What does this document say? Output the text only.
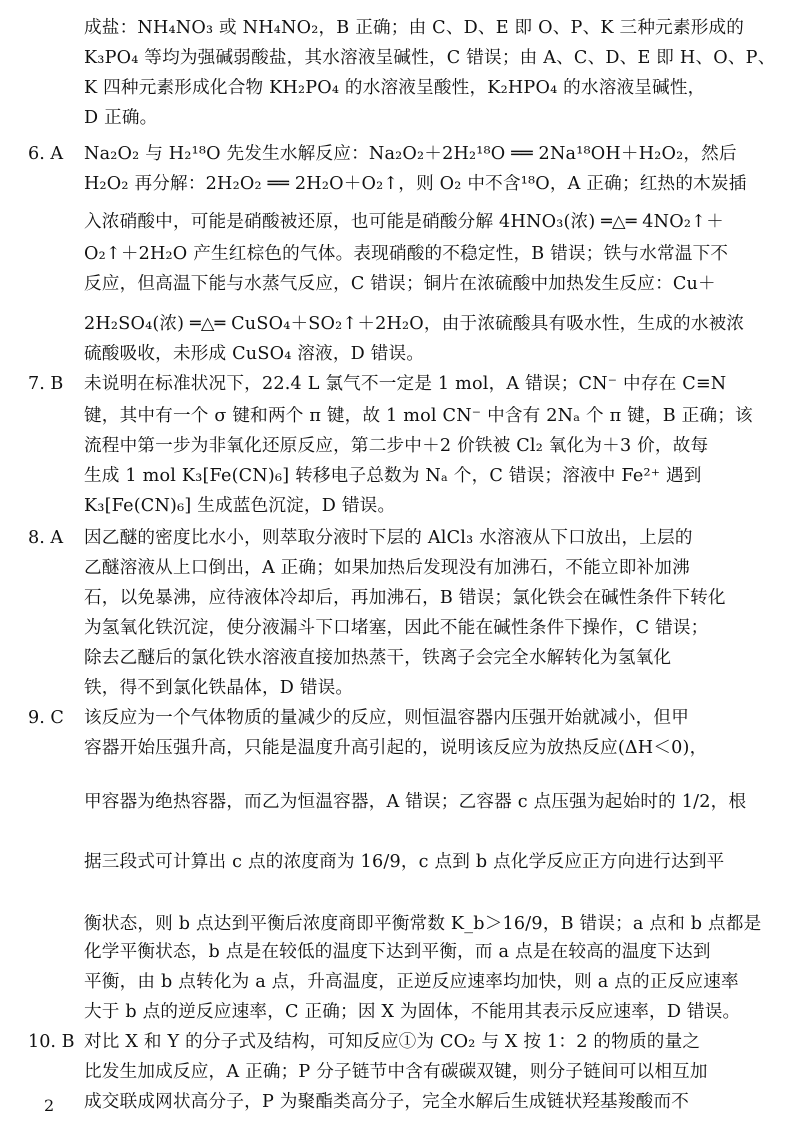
成盐：NH₄NO₃ 或 NH₄NO₂，B 正确；由 C、D、E 即 O、P、K 三种元素形成的
K₃PO₄ 等均为强碱弱酸盐，其水溶液呈碱性，C 错误；由 A、C、D、E 即 H、O、P、
K 四种元素形成化合物 KH₂PO₄ 的水溶液呈酸性，K₂HPO₄ 的水溶液呈碱性，
D 正确。
6. A Na₂O₂ 与 H₂¹⁸O 先发生水解反应：Na₂O₂＋2H₂¹⁸O ══ 2Na¹⁸OH＋H₂O₂，然后
H₂O₂ 再分解：2H₂O₂ ══ 2H₂O＋O₂↑，则 O₂ 中不含¹⁸O，A 正确；红热的木炭插
入浓硝酸中，可能是硝酸被还原，也可能是硝酸分解 4HNO₃(浓) ═△═ 4NO₂↑＋
O₂↑＋2H₂O 产生红棕色的气体。表现硝酸的不稳定性，B 错误；铁与水常温下不
反应，但高温下能与水蒸气反应，C 错误；铜片在浓硫酸中加热发生反应：Cu＋
2H₂SO₄(浓) ═△═ CuSO₄＋SO₂↑＋2H₂O，由于浓硫酸具有吸水性，生成的水被浓
硫酸吸收，未形成 CuSO₄ 溶液，D 错误。
7. B 未说明在标准状况下，22.4 L 氯气不一定是 1 mol，A 错误；CN⁻ 中存在 C≡N
键，其中有一个 σ 键和两个 π 键，故 1 mol CN⁻ 中含有 2Nₐ 个 π 键，B 正确；该
流程中第一步为非氧化还原反应，第二步中＋2 价铁被 Cl₂ 氧化为＋3 价，故每
生成 1 mol K₃[Fe(CN)₆] 转移电子总数为 Nₐ 个，C 错误；溶液中 Fe²⁺ 遇到
K₃[Fe(CN)₆] 生成蓝色沉淀，D 错误。
8. A 因乙醚的密度比水小，则萃取分液时下层的 AlCl₃ 水溶液从下口放出，上层的
乙醚溶液从上口倒出，A 正确；如果加热后发现没有加沸石，不能立即补加沸
石，以免暴沸，应待液体冷却后，再加沸石，B 错误；氯化铁会在碱性条件下转化
为氢氧化铁沉淀，使分液漏斗下口堵塞，因此不能在碱性条件下操作，C 错误；
除去乙醚后的氯化铁水溶液直接加热蒸干，铁离子会完全水解转化为氢氧化
铁，得不到氯化铁晶体，D 错误。
9. C 该反应为一个气体物质的量减少的反应，则恒温容器内压强开始就减小，但甲
容器开始压强升高，只能是温度升高引起的，说明该反应为放热反应(ΔH＜0)，
甲容器为绝热容器，而乙为恒温容器，A 错误；乙容器 c 点压强为起始时的 1/2，根
据三段式可计算出 c 点的浓度商为 16/9，c 点到 b 点化学反应正方向进行达到平
衡状态，则 b 点达到平衡后浓度商即平衡常数 K_b＞16/9，B 错误；a 点和 b 点都是
化学平衡状态，b 点是在较低的温度下达到平衡，而 a 点是在较高的温度下达到
平衡，由 b 点转化为 a 点，升高温度，正逆反应速率均加快，则 a 点的正反应速率
大于 b 点的逆反应速率，C 正确；因 X 为固体，不能用其表示反应速率，D 错误。
10. B 对比 X 和 Y 的分子式及结构，可知反应①为 CO₂ 与 X 按 1：2 的物质的量之
比发生加成反应，A 正确；P 分子链节中含有碳碳双键，则分子链间可以相互加
成交联成网状高分子，P 为聚酯类高分子，完全水解后生成链状羟基羧酸而不
2
